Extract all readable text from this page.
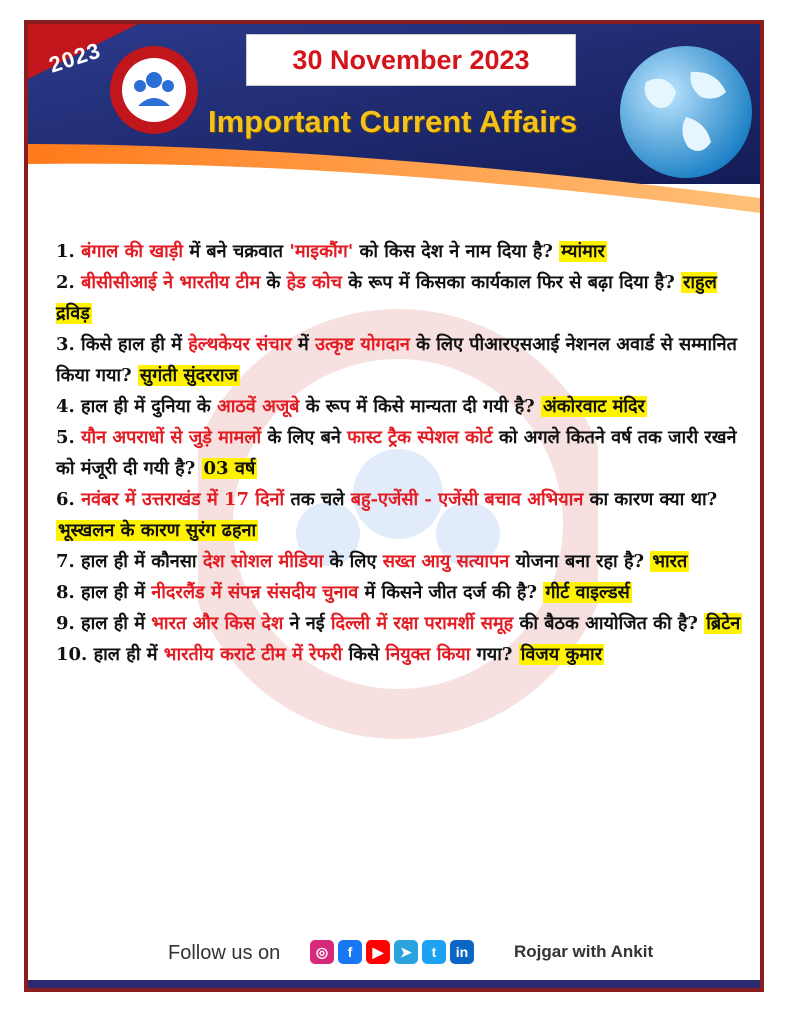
2023	30 November 2023
Important Current Affairs

1. बंगाल की खाड़ी में बने चक्रवात 'माइकौंग' को किस देश ने नाम दिया है? म्यांमार

2. बीसीसीआई ने भारतीय टीम के हेड कोच के रूप में किसका कार्यकाल फिर से बढ़ा दिया है? राहुल द्रविड़

3. किसे हाल ही में हेल्थकेयर संचार में उत्कृष्ट योगदान के लिए पीआरएसआई नेशनल अवार्ड से सम्मानित किया गया? सुगंती सुंदरराज

4. हाल ही में दुनिया के आठवें अजूबे के रूप में किसे मान्यता दी गयी है? अंकोरवाट मंदिर

5. यौन अपराधों से जुड़े मामलों के लिए बने फास्ट ट्रैक स्पेशल कोर्ट को अगले कितने वर्ष तक जारी रखने को मंजूरी दी गयी है? 03 वर्ष

6. नवंबर में उत्तराखंड में 17 दिनों तक चले बहु-एजेंसी - एजेंसी बचाव अभियान का कारण क्या था? भूस्खलन के कारण सुरंग ढहना

7. हाल ही में कौनसा देश सोशल मीडिया के लिए सख्त आयु सत्यापन योजना बना रहा है? भारत

8. हाल ही में नीदरलैंड में संपन्न संसदीय चुनाव में किसने जीत दर्ज की है? गीर्ट वाइल्डर्स

9. हाल ही में भारत और किस देश ने नई दिल्ली में रक्षा परामर्शी समूह की बैठक आयोजित की है? ब्रिटेन

10. हाल ही में भारतीय कराटे टीम में रेफरी किसे नियुक्त किया गया? विजय कुमार

Follow us on	◎	f	▶	➤	t	in	Rojgar with Ankit
